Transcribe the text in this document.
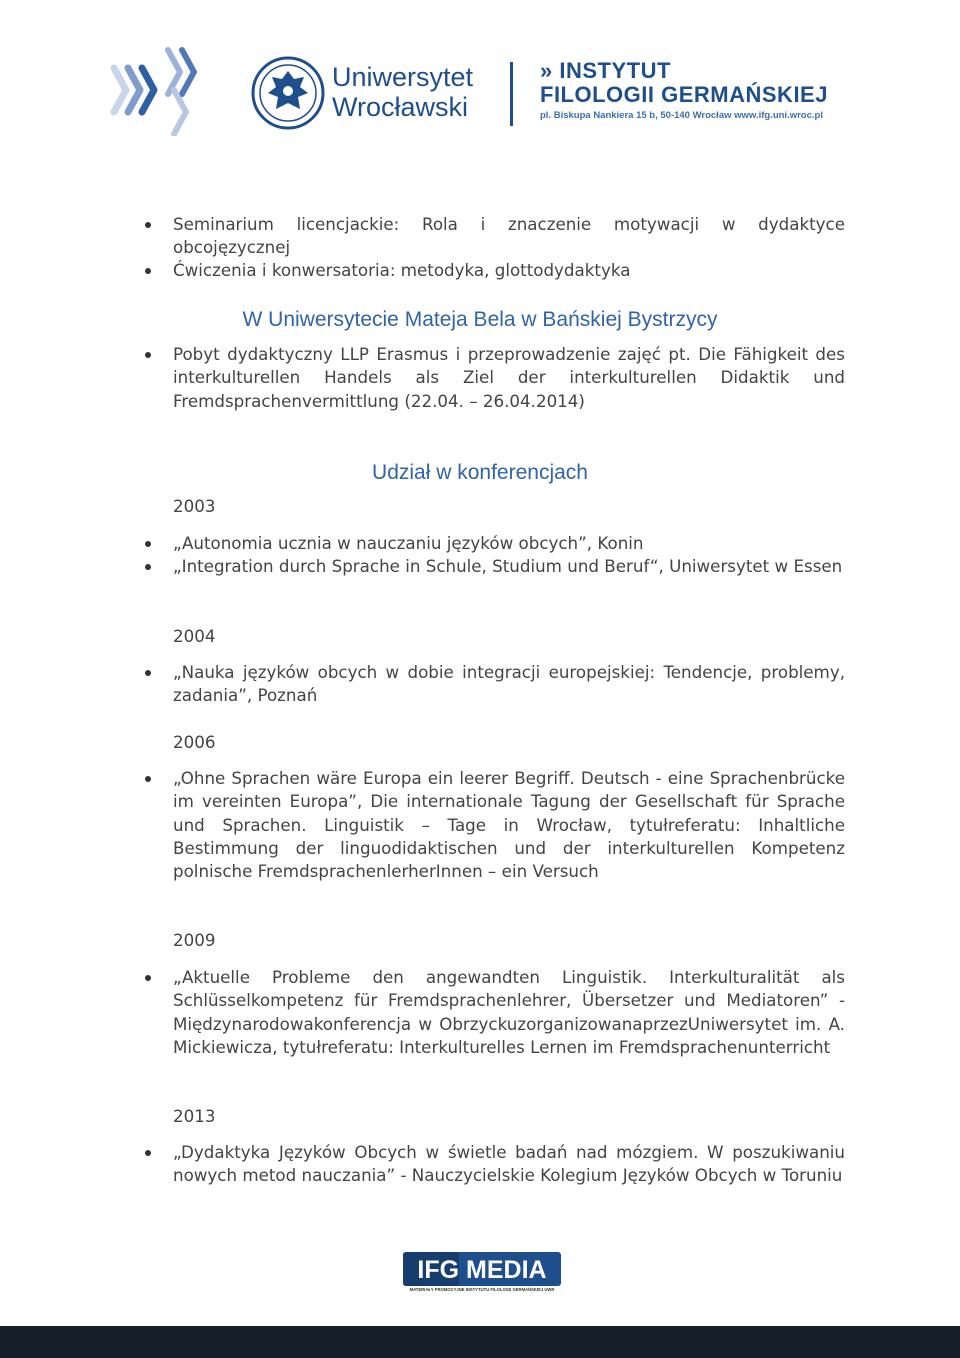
Uniwersytet
Wrocławski
» INSTYTUT
FILOLOGII GERMAŃSKIEJ
pl. Biskupa Nankiera 15 b, 50-140 Wrocław www.ifg.uni.wroc.pl
Seminarium licencjackie: Rola i znaczenie motywacji w dydaktyce obcojęzycznej
Ćwiczenia i konwersatoria: metodyka, glottodydaktyka
W Uniwersytecie Mateja Bela w Bańskiej Bystrzycy
Pobyt dydaktyczny LLP Erasmus i przeprowadzenie zajęć pt. Die Fähigkeit des interkulturellen Handels als Ziel der interkulturellen Didaktik und Fremdsprachenvermittlung (22.04. – 26.04.2014)
Udział w konferencjach
2003
„Autonomia ucznia w nauczaniu języków obcych”, Konin
„Integration durch Sprache in Schule, Studium und Beruf“, Uniwersytet w Essen
2004
„Nauka języków obcych w dobie integracji europejskiej: Tendencje, problemy, zadania”, Poznań
2006
„Ohne Sprachen wäre Europa ein leerer Begriff. Deutsch - eine Sprachenbrücke im vereinten Europa”, Die internationale Tagung der Gesellschaft für Sprache und Sprachen. Linguistik – Tage in Wrocław, tytułreferatu: Inhaltliche Bestimmung der linguodidaktischen und der interkulturellen Kompetenz polnische FremdsprachenlerherInnen – ein Versuch
2009
„Aktuelle Probleme den angewandten Linguistik. Interkulturalität als Schlüsselkompetenz für Fremdsprachenlehrer, Übersetzer und Mediatoren” - Międzynarodowakonferencja w ObrzyckuzorganizowanaprzezUniwersytet im. A. Mickiewicza, tytułreferatu: Interkulturelles Lernen im Fremdsprachenunterricht
2013
„Dydaktyka Języków Obcych w świetle badań nad mózgiem. W poszukiwaniu nowych metod nauczania” - Nauczycielskie Kolegium Języków Obcych w Toruniu
IFG MEDIA
MATERIAŁY PROMOCYJNE INSTYTUTU FILOLOGII GERMAŃSKIEJ UWR
